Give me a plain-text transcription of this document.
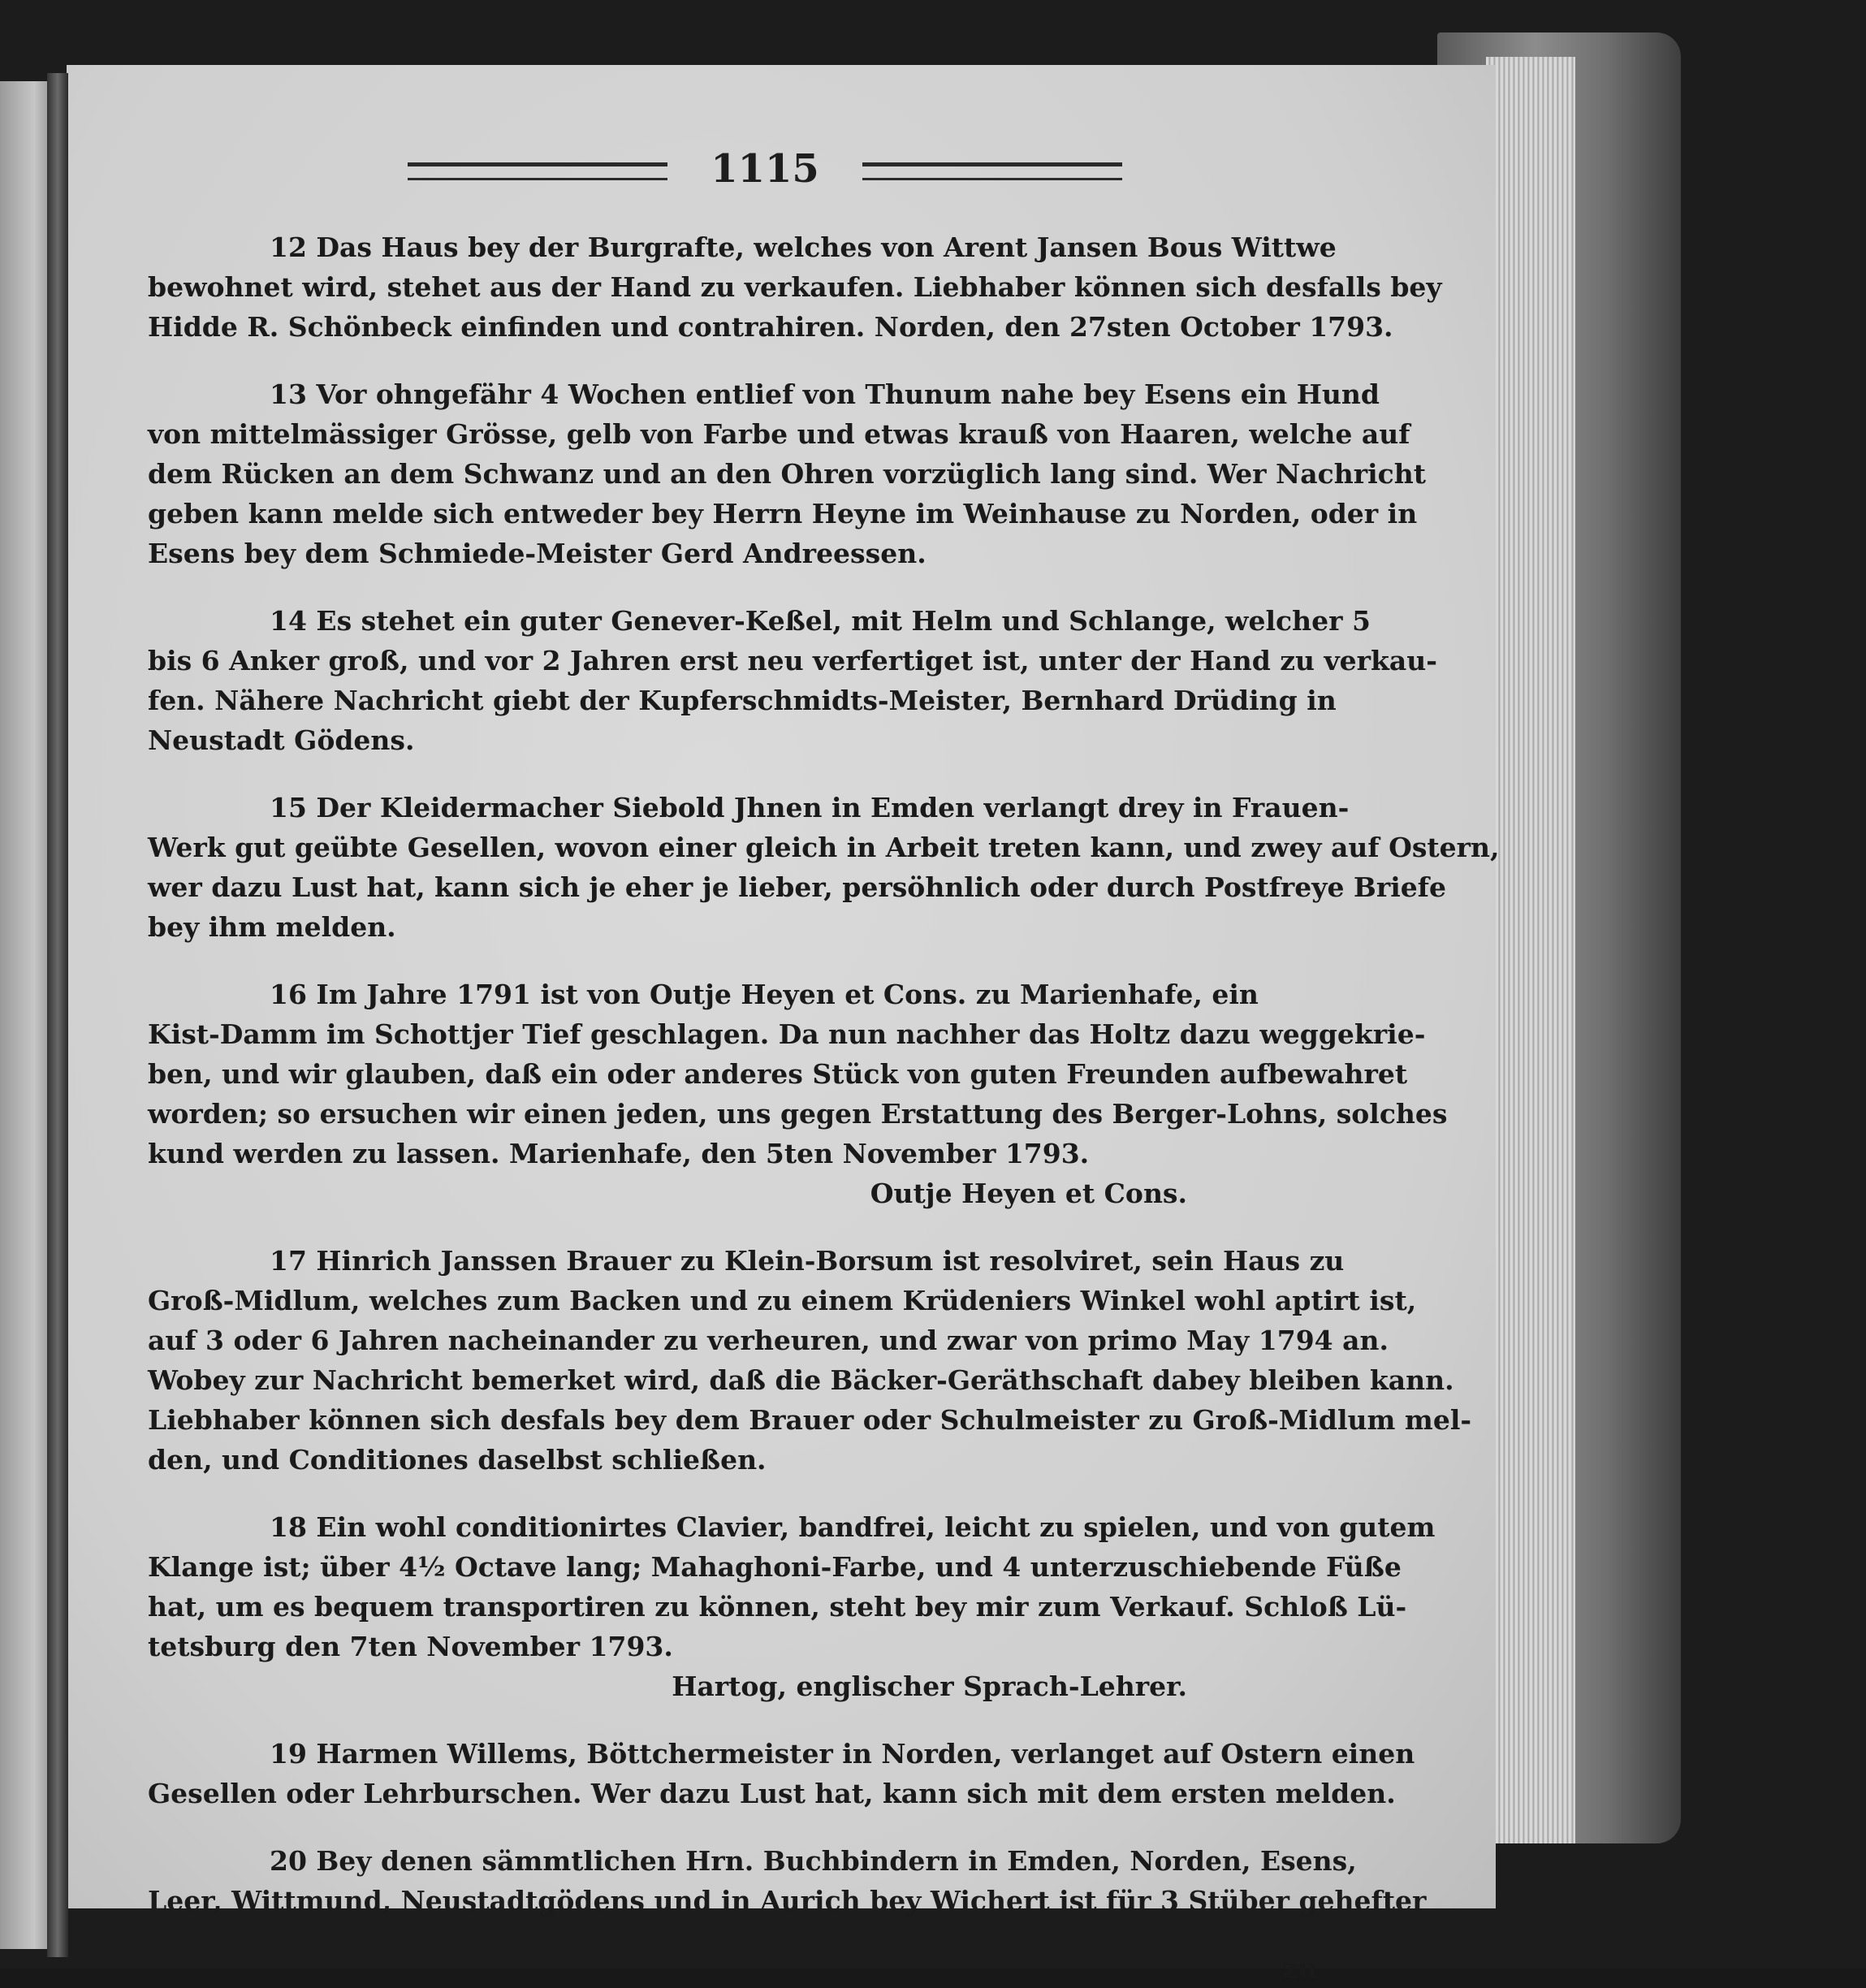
1115
12 Das Haus bey der Burgrafte, welches von Arent Jansen Bous Wittwe
bewohnet wird, stehet aus der Hand zu verkaufen. Liebhaber können sich desfalls bey
Hidde R. Schönbeck einfinden und contrahiren. Norden, den 27sten October 1793.
13 Vor ohngefähr 4 Wochen entlief von Thunum nahe bey Esens ein Hund
von mittelmässiger Grösse, gelb von Farbe und etwas krauß von Haaren, welche auf
dem Rücken an dem Schwanz und an den Ohren vorzüglich lang sind. Wer Nachricht
geben kann melde sich entweder bey Herrn Heyne im Weinhause zu Norden, oder in
Esens bey dem Schmiede-Meister Gerd Andreessen.
14 Es stehet ein guter Genever-Keßel, mit Helm und Schlange, welcher 5
bis 6 Anker groß, und vor 2 Jahren erst neu verfertiget ist, unter der Hand zu verkau-
fen. Nähere Nachricht giebt der Kupferschmidts-Meister, Bernhard Drüding in
Neustadt Gödens.
15 Der Kleidermacher Siebold Jhnen in Emden verlangt drey in Frauen-
Werk gut geübte Gesellen, wovon einer gleich in Arbeit treten kann, und zwey auf Ostern,
wer dazu Lust hat, kann sich je eher je lieber, persöhnlich oder durch Postfreye Briefe
bey ihm melden.
16 Im Jahre 1791 ist von Outje Heyen et Cons. zu Marienhafe, ein
Kist-Damm im Schottjer Tief geschlagen. Da nun nachher das Holtz dazu weggekrie-
ben, und wir glauben, daß ein oder anderes Stück von guten Freunden aufbewahret
worden; so ersuchen wir einen jeden, uns gegen Erstattung des Berger-Lohns, solches
kund werden zu lassen. Marienhafe, den 5ten November 1793.
Outje Heyen et Cons.
17 Hinrich Janssen Brauer zu Klein-Borsum ist resolviret, sein Haus zu
Groß-Midlum, welches zum Backen und zu einem Krüdeniers Winkel wohl aptirt ist,
auf 3 oder 6 Jahren nacheinander zu verheuren, und zwar von primo May 1794 an.
Wobey zur Nachricht bemerket wird, daß die Bäcker-Geräthschaft dabey bleiben kann.
Liebhaber können sich desfals bey dem Brauer oder Schulmeister zu Groß-Midlum mel-
den, und Conditiones daselbst schließen.
18 Ein wohl conditionirtes Clavier, bandfrei, leicht zu spielen, und von gutem
Klange ist; über 4½ Octave lang; Mahaghoni-Farbe, und 4 unterzuschiebende Füße
hat, um es bequem transportiren zu können, steht bey mir zum Verkauf. Schloß Lü-
tetsburg den 7ten November 1793.
Hartog, englischer Sprach-Lehrer.
19 Harmen Willems, Böttchermeister in Norden, verlanget auf Ostern einen
Gesellen oder Lehrburschen. Wer dazu Lust hat, kann sich mit dem ersten melden.
20 Bey denen sämmtlichen Hrn. Buchbindern in Emden, Norden, Esens,
Leer, Wittmund, Neustadtgödens und in Aurich bey Wichert ist für 3 Stüber gehefter
zu
